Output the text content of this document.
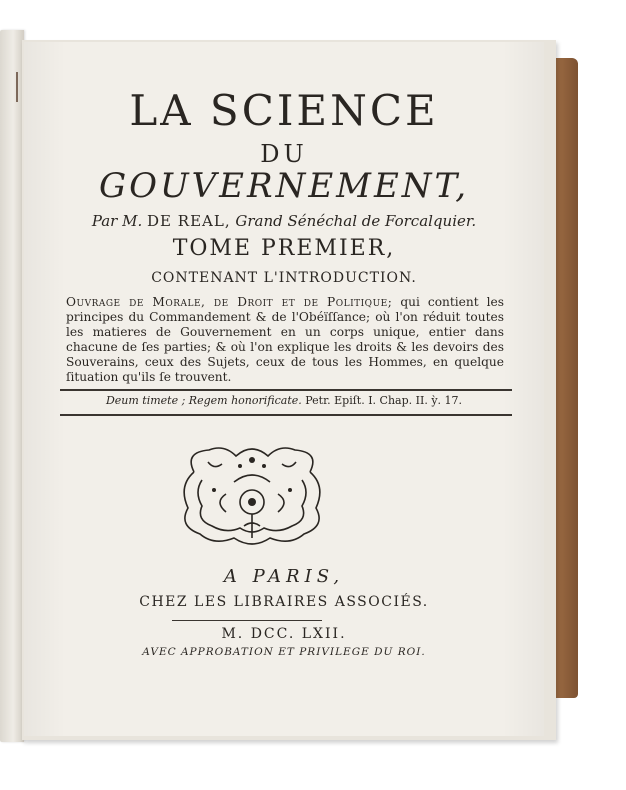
LA SCIENCE
DU
GOUVERNEMENT,
Par M. DE REAL, Grand Sénéchal de Forcalquier.
TOME PREMIER,
CONTENANT L'INTRODUCTION.
Ouvrage de Morale, de Droit et de Politique; qui contient les principes du Commandement & de l'Obéïſſance; où l'on réduit toutes les matieres de Gouvernement en un corps unique, entier dans chacune de ſes parties; & où l'on explique les droits & les devoirs des Souverains, ceux des Sujets, ceux de tous les Hommes, en quelque ſituation qu'ils ſe trouvent.
Deum timete ; Regem honorificate. Petr. Epiſt. I. Chap. II. ỳ. 17.
A PARIS,
CHEZ LES LIBRAIRES ASSOCIÉS.
M. DCC. LXII.
AVEC APPROBATION ET PRIVILEGE DU ROI.
